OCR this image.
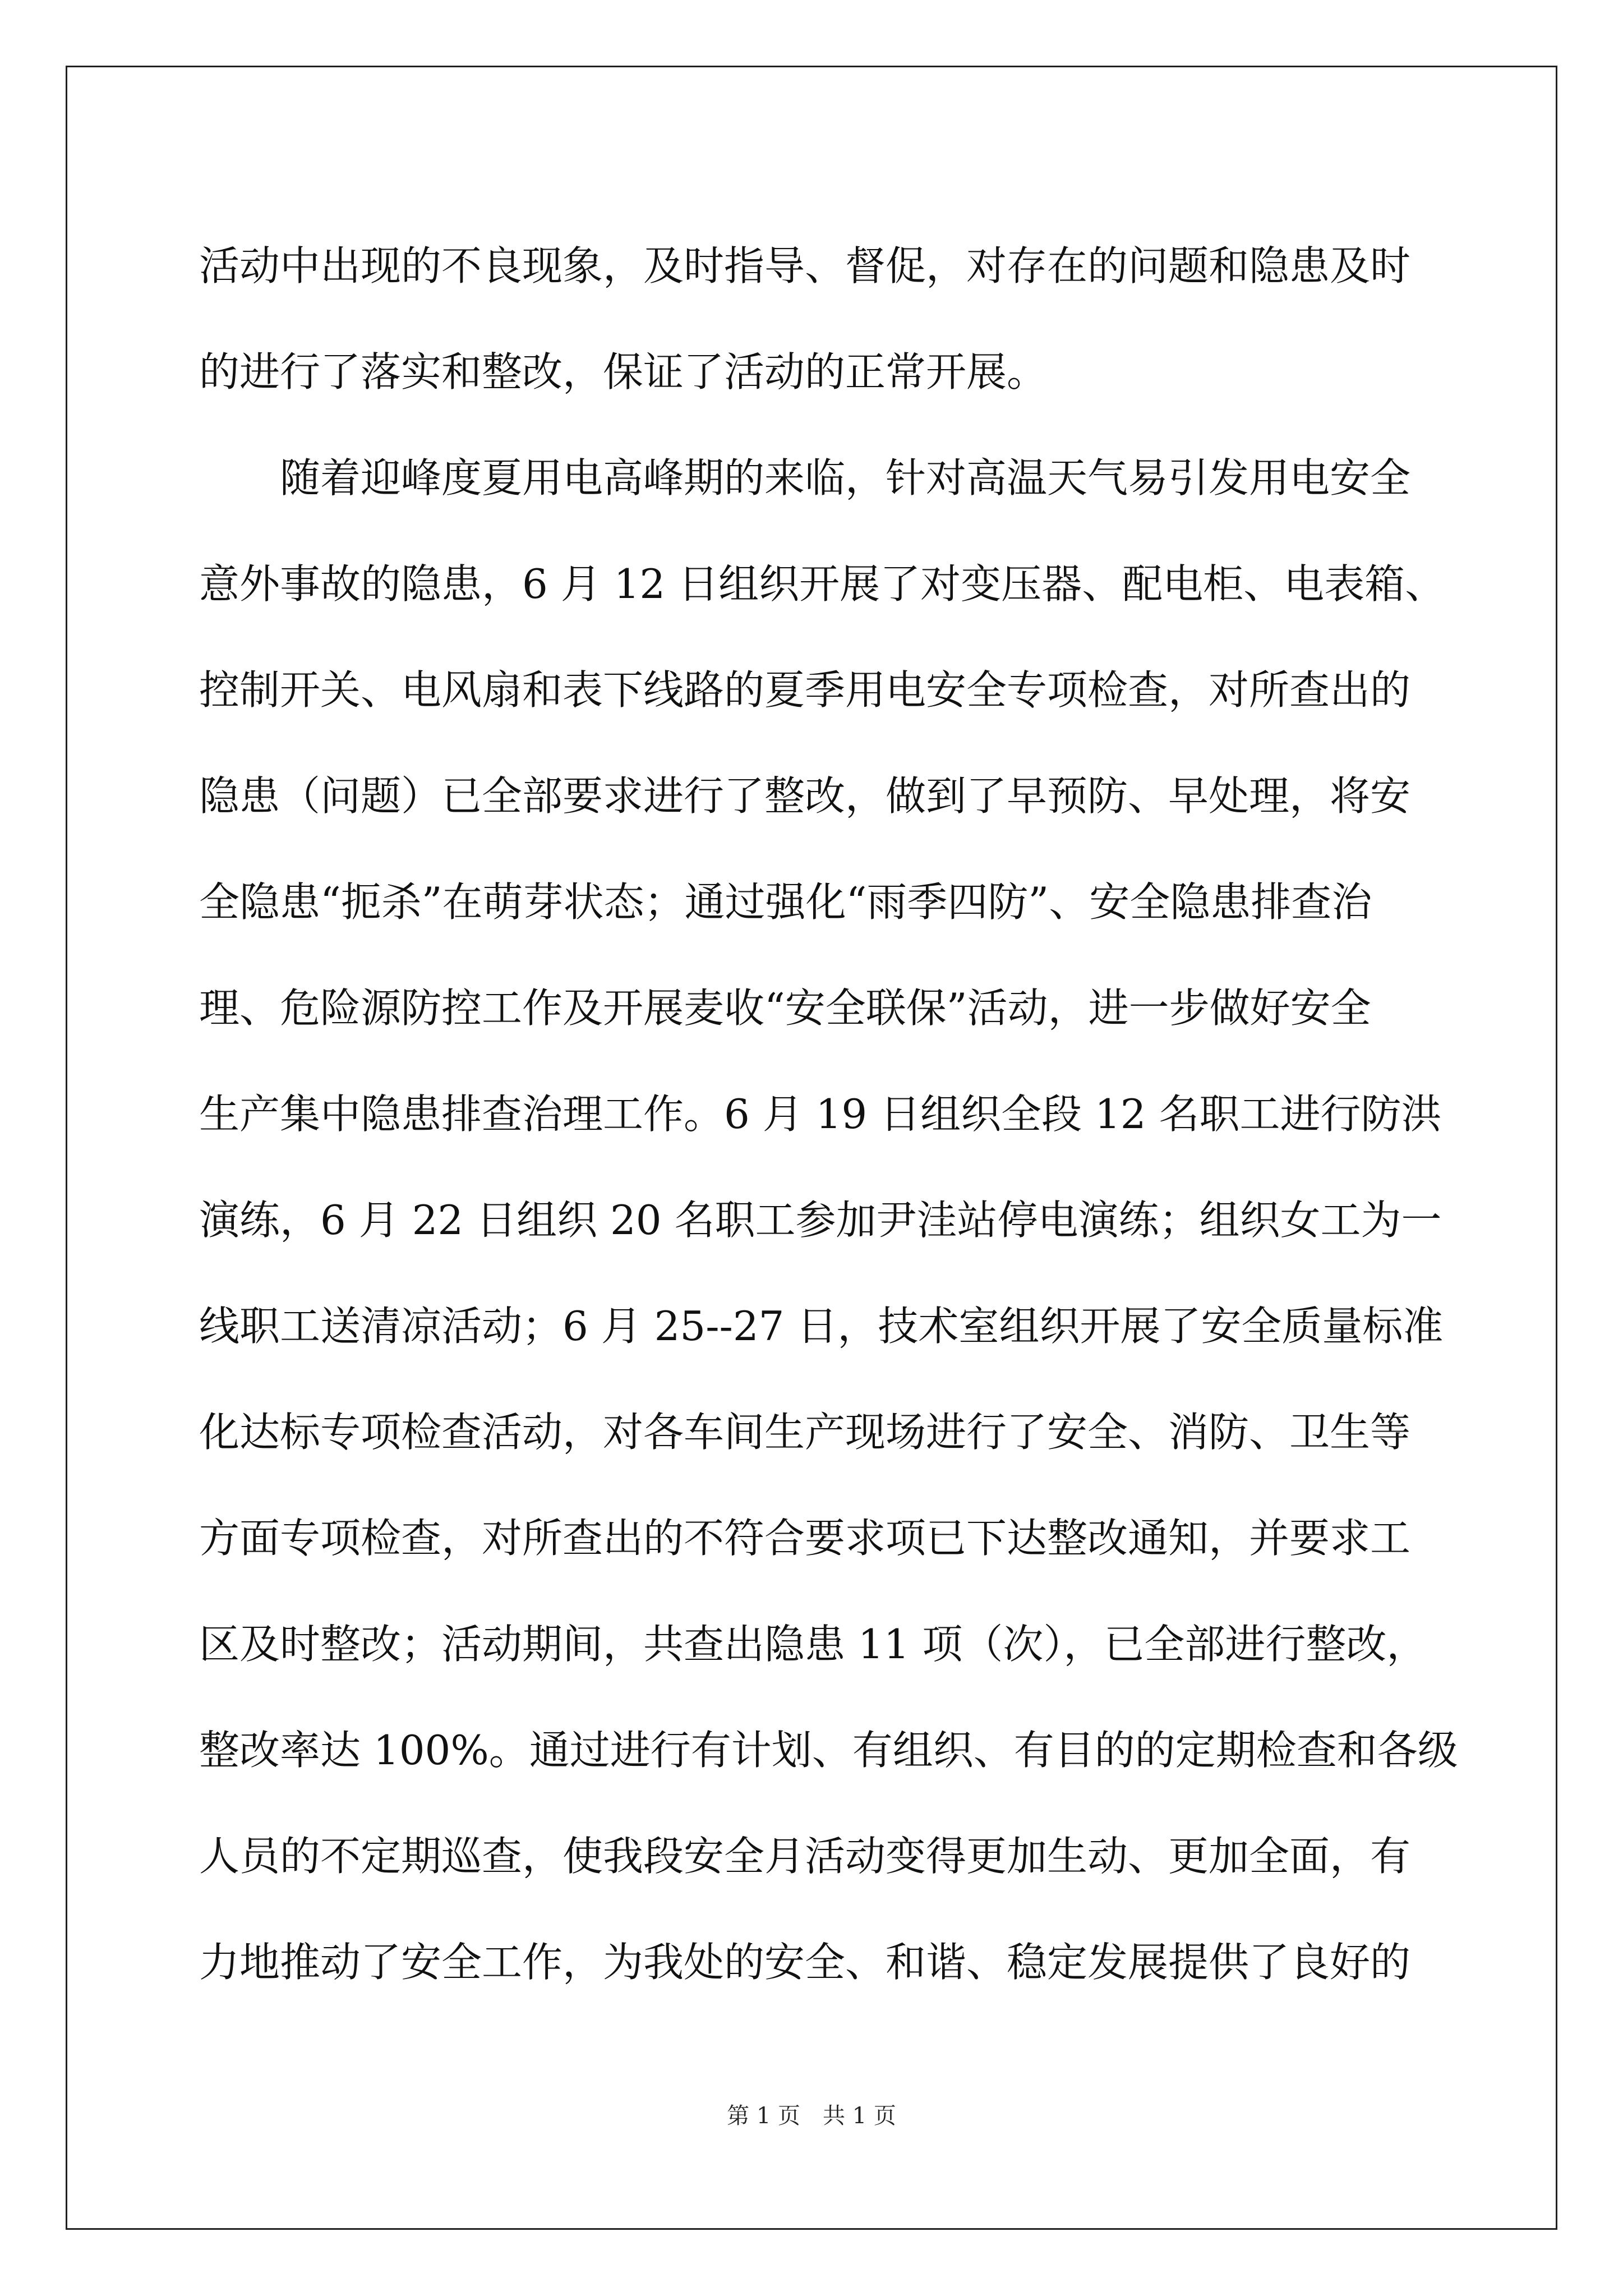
活动中出现的不良现象，及时指导、督促，对存在的问题和隐患及时
的进行了落实和整改，保证了活动的正常开展。
　　随着迎峰度夏用电高峰期的来临，针对高温天气易引发用电安全
意外事故的隐患，6 月 12 日组织开展了对变压器、配电柜、电表箱、
控制开关、电风扇和表下线路的夏季用电安全专项检查，对所查出的
隐患（问题）已全部要求进行了整改，做到了早预防、早处理，将安
全隐患“扼杀”在萌芽状态；通过强化“雨季四防”、安全隐患排查治
理、危险源防控工作及开展麦收“安全联保”活动，进一步做好安全
生产集中隐患排查治理工作。6 月 19 日组织全段 12 名职工进行防洪
演练，6 月 22 日组织 20 名职工参加尹洼站停电演练；组织女工为一
线职工送清凉活动；6 月 25--27 日，技术室组织开展了安全质量标准
化达标专项检查活动，对各车间生产现场进行了安全、消防、卫生等
方面专项检查，对所查出的不符合要求项已下达整改通知，并要求工
区及时整改；活动期间，共查出隐患 11 项（次），已全部进行整改，
整改率达 100%。通过进行有计划、有组织、有目的的定期检查和各级
人员的不定期巡查，使我段安全月活动变得更加生动、更加全面，有
力地推动了安全工作，为我处的安全、和谐、稳定发展提供了良好的
第 1 页　共 1 页
